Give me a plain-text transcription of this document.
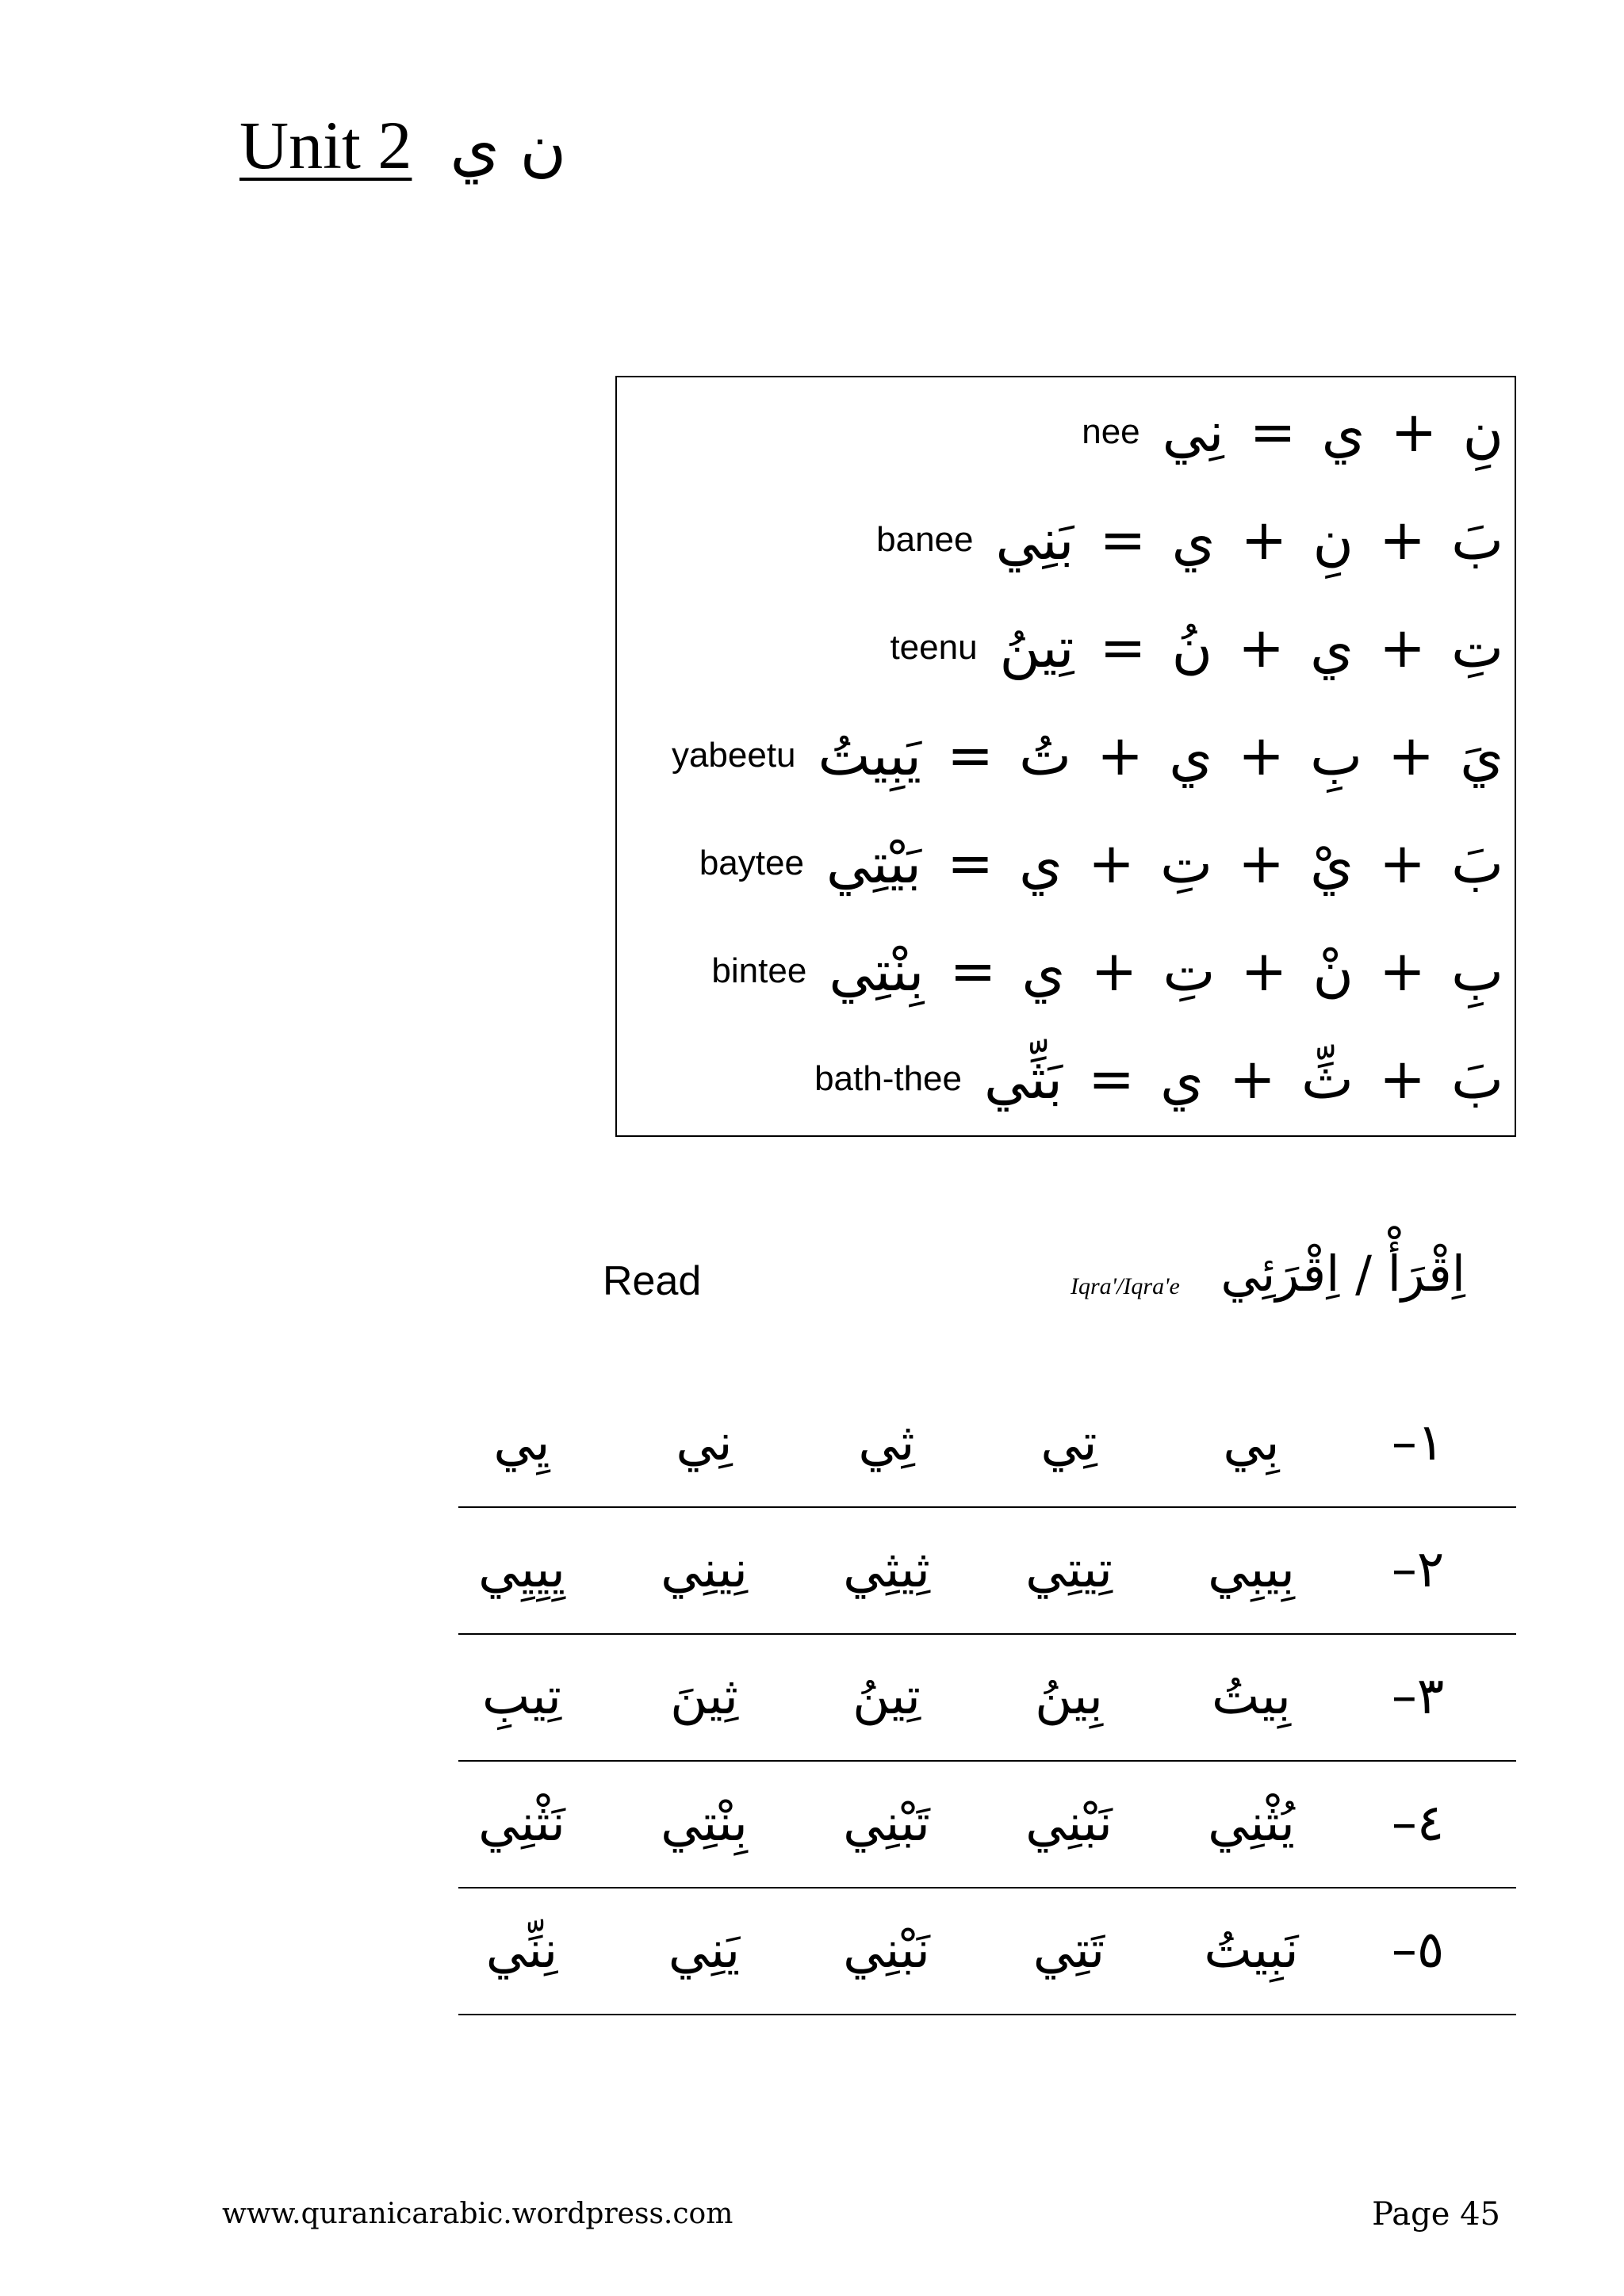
Unit 2 ن ي
nee نِ + ي = نِي
banee بَ + نِ + ي = بَنِي
teenu تِ + ي + نُ = تِينُ
yabeetu يَ + بِ + ي + تُ = يَبِيتُ
baytee بَ + يْ + تِ + ي = بَيْتِي
bintee بِ + نْ + تِ + ي = بِنْتِي
bath-thee بَ + ثِّ + ي = بَثِّي
Read	Iqra'/Iqra'e اِقْرَأْ / اِقْرَئِي
١–
بِي
تِي
ثِي
نِي
يِي
٢–
بِيبِي
تِيتِي
ثِيثِي
نِينِي
يِيِيِي
٣–
بِيتُ
بِينُ
تِينُ
ثِينَ
تِيبِ
٤–
يُثْنِي
نَبْنِي
تَبْنِي
بِنْتِي
نَثْنِي
٥–
نَبِيتُ
تَتِي
نَبْنِي
يَنِي
نِنِّي
www.quranicarabic.wordpress.com	Page 45
